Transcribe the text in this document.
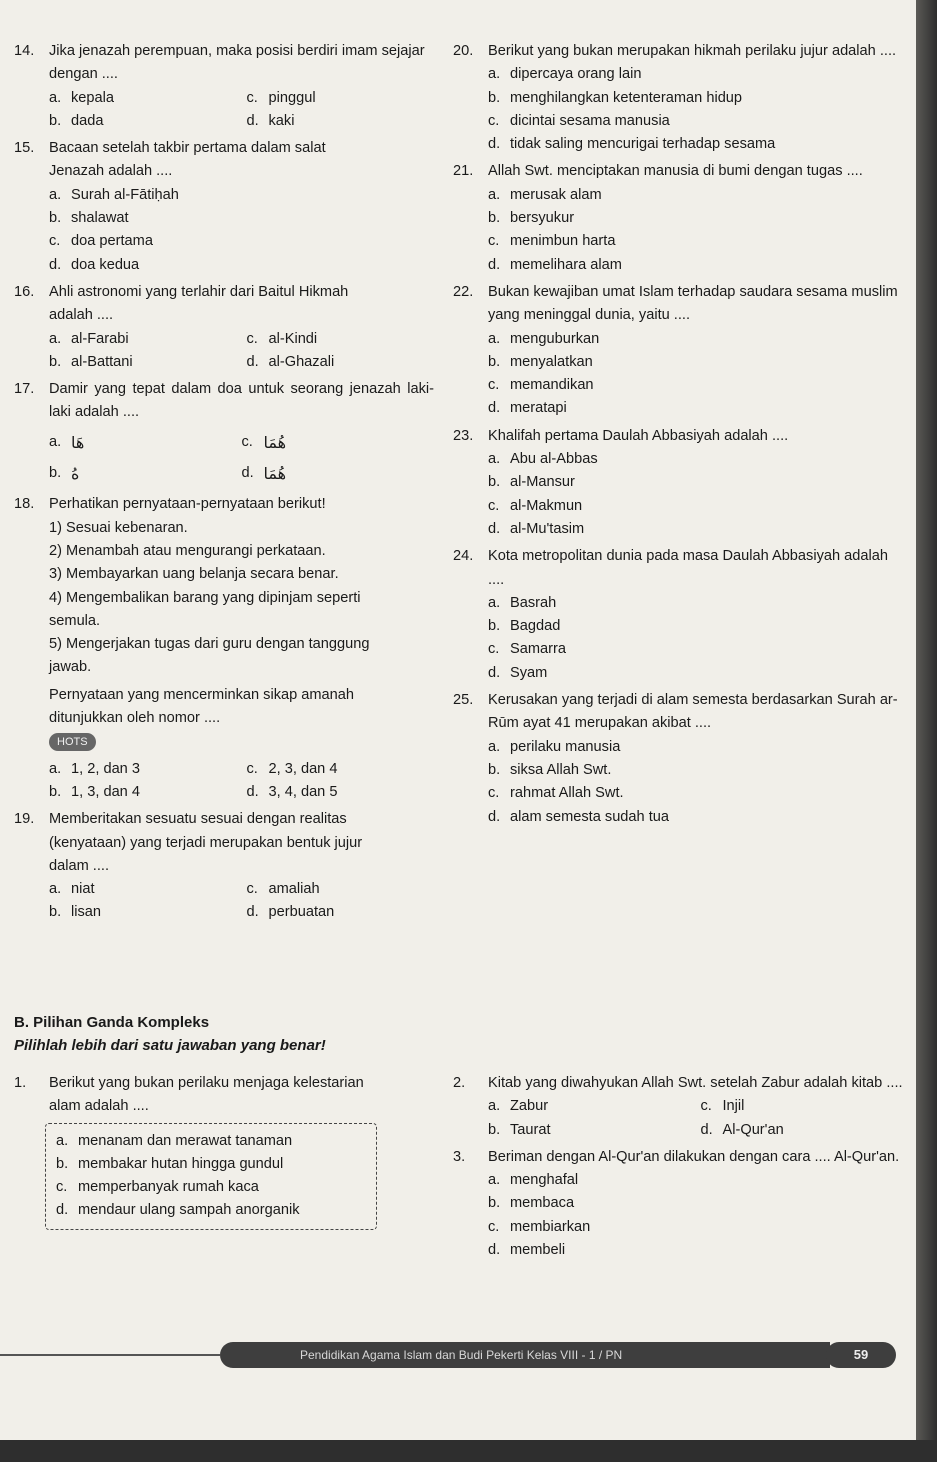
14. Jika jenazah perempuan, maka posisi berdiri imam sejajar dengan ....
a. kepala	c. pinggul
b. dada	d. kaki
15. Bacaan setelah takbir pertama dalam salat Jenazah adalah ....
a. Surah al-Fātiḥah
b. shalawat
c. doa pertama
d. doa kedua
16. Ahli astronomi yang terlahir dari Baitul Hikmah adalah ....
a. al-Farabi	c. al-Kindi
b. al-Battani	d. al-Ghazali
17. Damir yang tepat dalam doa untuk seorang jenazah laki-laki adalah ....
a. هَا	c. هُمَا
b. هُ	d. هُمَا
18. Perhatikan pernyataan-pernyataan berikut!
1) Sesuai kebenaran.
2) Menambah atau mengurangi perkataan.
3) Membayarkan uang belanja secara benar.
4) Mengembalikan barang yang dipinjam seperti semula.
5) Mengerjakan tugas dari guru dengan tanggung jawab.
Pernyataan yang mencerminkan sikap amanah ditunjukkan oleh nomor ....
HOTS
a. 1, 2, dan 3	c. 2, 3, dan 4
b. 1, 3, dan 4	d. 3, 4, dan 5
19. Memberitakan sesuatu sesuai dengan realitas (kenyataan) yang terjadi merupakan bentuk jujur dalam ....
a. niat	c. amaliah
b. lisan	d. perbuatan
20. Berikut yang bukan merupakan hikmah perilaku jujur adalah ....
a. dipercaya orang lain
b. menghilangkan ketenteraman hidup
c. dicintai sesama manusia
d. tidak saling mencurigai terhadap sesama
21. Allah Swt. menciptakan manusia di bumi dengan tugas ....
a. merusak alam
b. bersyukur
c. menimbun harta
d. memelihara alam
22. Bukan kewajiban umat Islam terhadap saudara sesama muslim yang meninggal dunia, yaitu ....
a. menguburkan
b. menyalatkan
c. memandikan
d. meratapi
23. Khalifah pertama Daulah Abbasiyah adalah ....
a. Abu al-Abbas
b. al-Mansur
c. al-Makmun
d. al-Mu'tasim
24. Kota metropolitan dunia pada masa Daulah Abbasiyah adalah ....
a. Basrah
b. Bagdad
c. Samarra
d. Syam
25. Kerusakan yang terjadi di alam semesta berdasarkan Surah ar-Rūm ayat 41 merupakan akibat ....
a. perilaku manusia
b. siksa Allah Swt.
c. rahmat Allah Swt.
d. alam semesta sudah tua
B. Pilihan Ganda Kompleks
Pilihlah lebih dari satu jawaban yang benar!
1. Berikut yang bukan perilaku menjaga kelestarian alam adalah ....
a. menanam dan merawat tanaman
b. membakar hutan hingga gundul
c. memperbanyak rumah kaca
d. mendaur ulang sampah anorganik
2. Kitab yang diwahyukan Allah Swt. setelah Zabur adalah kitab ....
a. Zabur	c. Injil
b. Taurat	d. Al-Qur'an
3. Beriman dengan Al-Qur'an dilakukan dengan cara .... Al-Qur'an.
a. menghafal
b. membaca
c. membiarkan
d. membeli
Pendidikan Agama Islam dan Budi Pekerti Kelas VIII - 1 / PN	59
